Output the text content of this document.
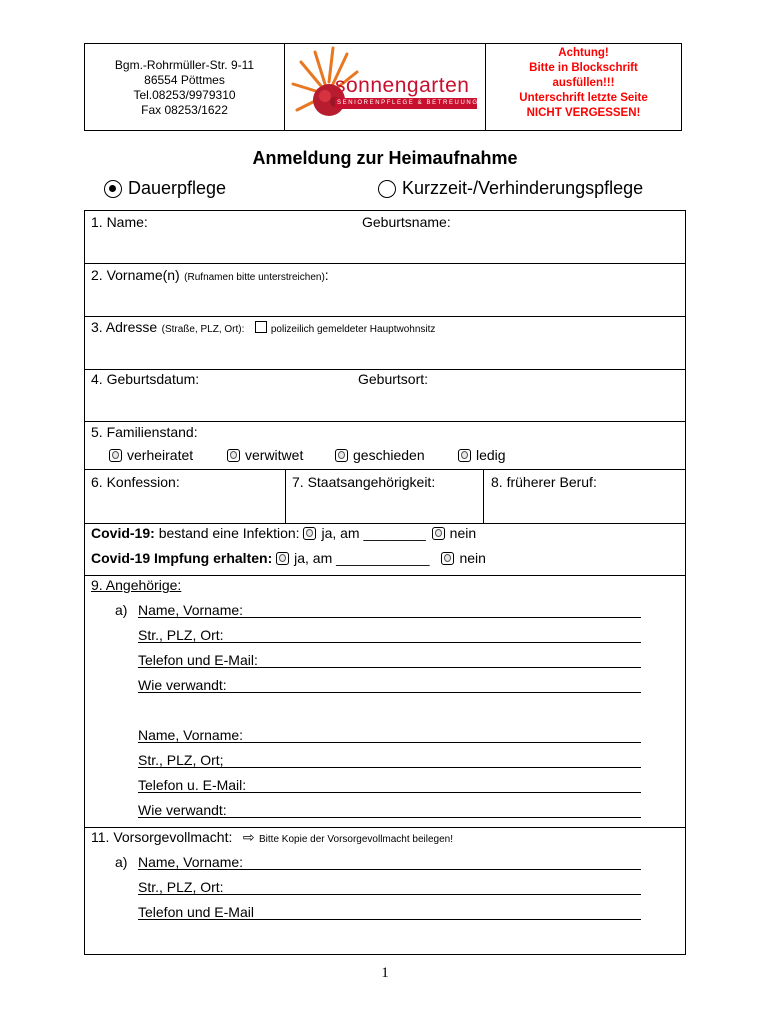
Bgm.-Rohrmüller-Str. 9-11
86554 Pöttmes
Tel.08253/9979310
Fax 08253/1622
sonnengarten
SENIORENPFLEGE & BETREUUNG
Achtung!
Bitte in Blockschrift
ausfüllen!!!
Unterschrift letzte Seite
NICHT VERGESSEN!
Anmeldung zur Heimaufnahme
Dauerpflege	Kurzzeit-/Verhinderungspflege
1. Name:	Geburtsname:
2. Vorname(n) (Rufnamen bitte unterstreichen):
3. Adresse (Straße, PLZ, Ort):	polizeilich gemeldeter Hauptwohnsitz
4. Geburtsdatum:	Geburtsort:
5. Familienstand:
verheiratet	verwitwet	geschieden	ledig
6. Konfession:	7. Staatsangehörigkeit:	8. früherer Beruf:
Covid-19: bestand eine Infektion: ja, am ________ nein
Covid-19 Impfung erhalten: ja, am ____________ nein
9. Angehörige:
a) Name, Vorname:
Str., PLZ, Ort:
Telefon und E-Mail:
Wie verwandt:
Name, Vorname:
Str., PLZ, Ort;
Telefon u. E-Mail:
Wie verwandt:
11. Vorsorgevollmacht: ⇨ Bitte Kopie der Vorsorgevollmacht beilegen!
a) Name, Vorname:
Str., PLZ, Ort:
Telefon und E-Mail
1
